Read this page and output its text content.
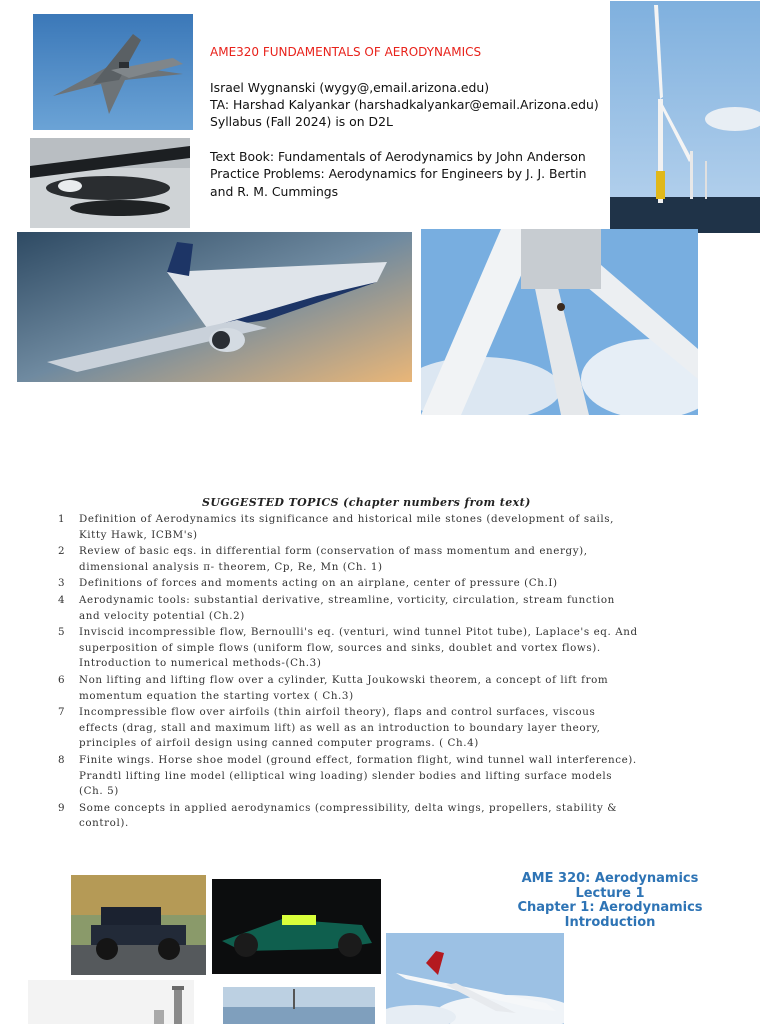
AME320 FUNDAMENTALS OF AERODYNAMICS
Israel Wygnanski (wygy@,email.arizona.edu)
TA: Harshad Kalyankar (harshadkalyankar@email.Arizona.edu)
Syllabus (Fall 2024) is on D2L
Text Book: Fundamentals of Aerodynamics by John Anderson
Practice Problems: Aerodynamics for Engineers by J. J. Bertin
and R. M. Cummings
SUGGESTED TOPICS (chapter numbers from text)
1	Definition of Aerodynamics its significance and historical mile stones (development of sails, Kitty Hawk, ICBM's)
2	Review of basic eqs. in differential form (conservation of mass momentum and energy), dimensional analysis π- theorem, Cp, Re, Mn (Ch. 1)
3	Definitions of forces and moments acting on an airplane, center of pressure (Ch.I)
4	Aerodynamic tools: substantial derivative, streamline, vorticity, circulation, stream function and velocity potential (Ch.2)
5	Inviscid incompressible flow, Bernoulli's eq. (venturi, wind tunnel Pitot tube), Laplace's eq. And superposition of simple flows (uniform flow, sources and sinks, doublet and vortex flows). Introduction to numerical methods-(Ch.3)
6	Non lifting and lifting flow over a cylinder, Kutta Joukowski theorem, a concept of lift from momentum equation the starting vortex ( Ch.3)
7	Incompressible flow over airfoils (thin airfoil theory), flaps and control surfaces, viscous effects (drag, stall and maximum lift) as well as an introduction to boundary layer theory, principles of airfoil design using canned computer programs. ( Ch.4)
8	Finite wings. Horse shoe model (ground effect, formation flight, wind tunnel wall interference). Prandtl lifting line model (elliptical wing loading) slender bodies and lifting surface models (Ch. 5)
9	Some concepts in applied aerodynamics (compressibility, delta wings, propellers, stability & control).
AME 320: Aerodynamics
Lecture 1
Chapter 1: Aerodynamics
Introduction
